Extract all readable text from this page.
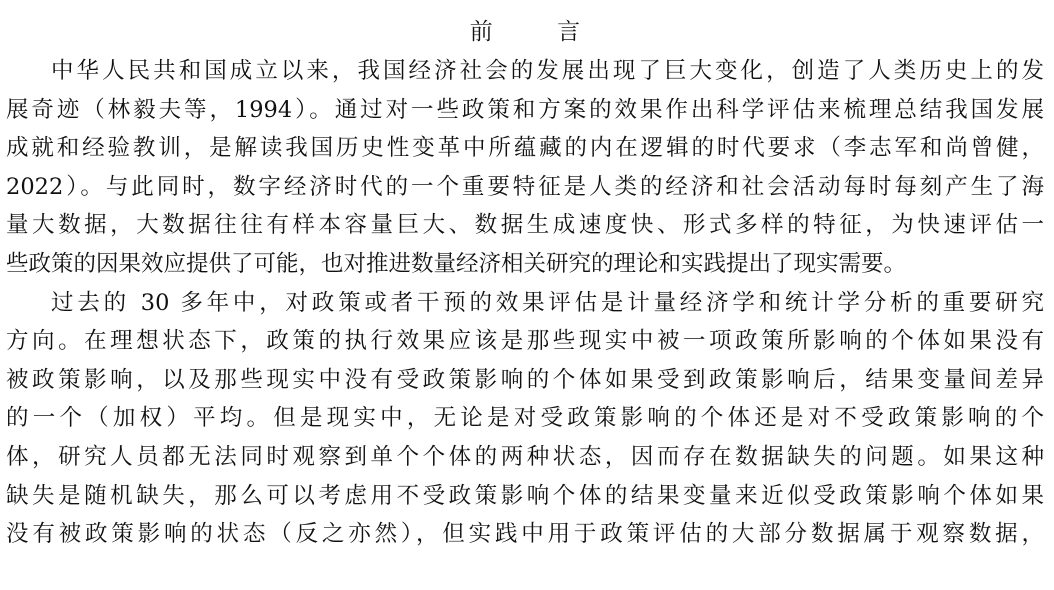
前　言
中华人民共和国成立以来，我国经济社会的发展出现了巨大变化，创造了人类历史上的发
展奇迹（林毅夫等，1994）。通过对一些政策和方案的效果作出科学评估来梳理总结我国发展
成就和经验教训，是解读我国历史性变革中所蕴藏的内在逻辑的时代要求（李志军和尚曾健，
2022）。与此同时，数字经济时代的一个重要特征是人类的经济和社会活动每时每刻产生了海
量大数据，大数据往往有样本容量巨大、数据生成速度快、形式多样的特征，为快速评估一
些政策的因果效应提供了可能，也对推进数量经济相关研究的理论和实践提出了现实需要。
过去的 30 多年中，对政策或者干预的效果评估是计量经济学和统计学分析的重要研究
方向。在理想状态下，政策的执行效果应该是那些现实中被一项政策所影响的个体如果没有
被政策影响，以及那些现实中没有受政策影响的个体如果受到政策影响后，结果变量间差异
的一个（加权）平均。但是现实中，无论是对受政策影响的个体还是对不受政策影响的个
体，研究人员都无法同时观察到单个个体的两种状态，因而存在数据缺失的问题。如果这种
缺失是随机缺失，那么可以考虑用不受政策影响个体的结果变量来近似受政策影响个体如果
没有被政策影响的状态（反之亦然），但实践中用于政策评估的大部分数据属于观察数据，
